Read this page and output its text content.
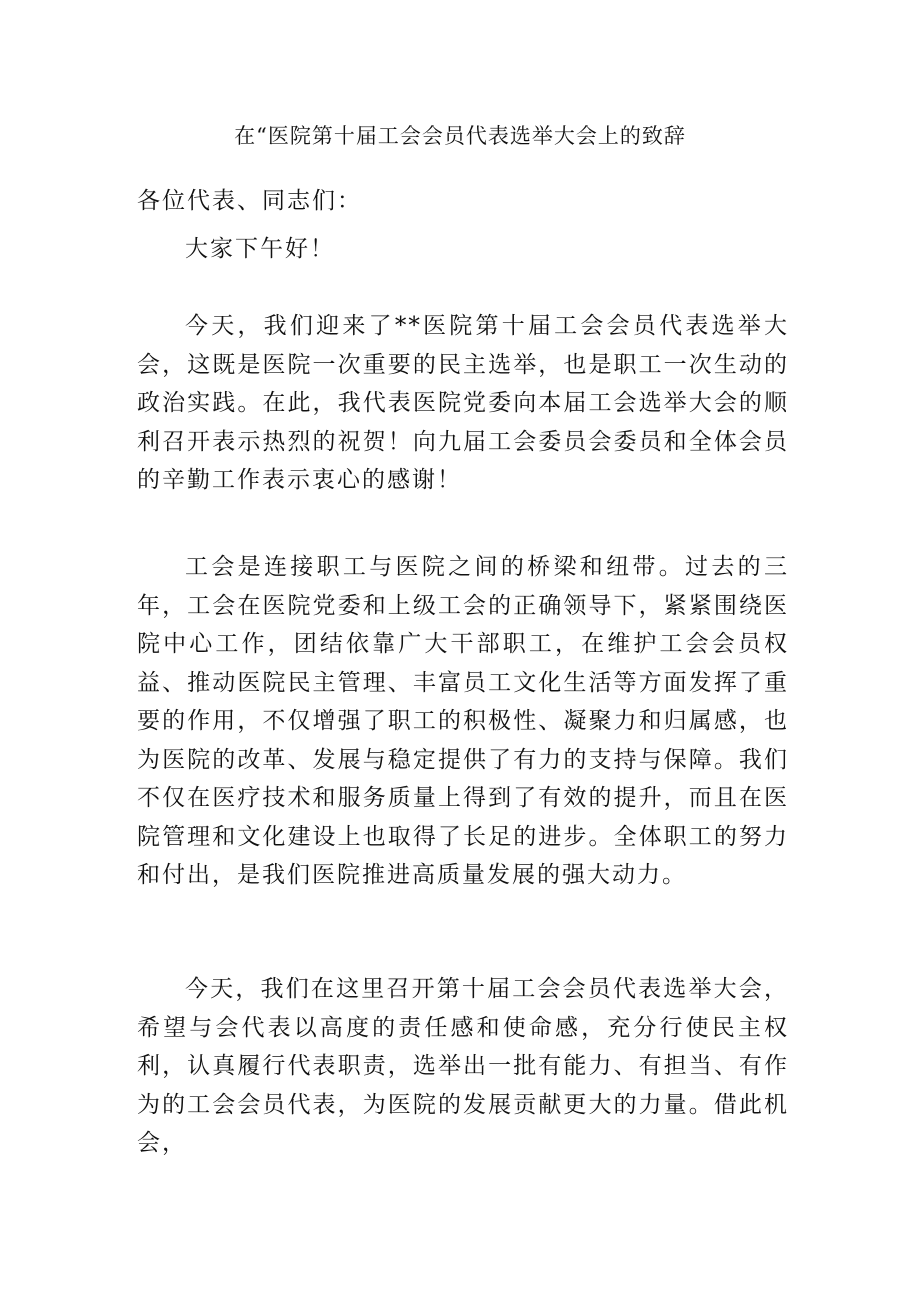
在“医院第十届工会会员代表选举大会上的致辞
各位代表、同志们：

大家下午好！

今天，我们迎来了**医院第十届工会会员代表选举大会，这既是医院一次重要的民主选举，也是职工一次生动的政治实践。在此，我代表医院党委向本届工会选举大会的顺利召开表示热烈的祝贺！向九届工会委员会委员和全体会员的辛勤工作表示衷心的感谢！

工会是连接职工与医院之间的桥梁和纽带。过去的三年，工会在医院党委和上级工会的正确领导下，紧紧围绕医院中心工作，团结依靠广大干部职工，在维护工会会员权益、推动医院民主管理、丰富员工文化生活等方面发挥了重要的作用，不仅增强了职工的积极性、凝聚力和归属感，也为医院的改革、发展与稳定提供了有力的支持与保障。我们不仅在医疗技术和服务质量上得到了有效的提升，而且在医院管理和文化建设上也取得了长足的进步。全体职工的努力和付出，是我们医院推进高质量发展的强大动力。

今天，我们在这里召开第十届工会会员代表选举大会，希望与会代表以高度的责任感和使命感，充分行使民主权利，认真履行代表职责，选举出一批有能力、有担当、有作为的工会会员代表，为医院的发展贡献更大的力量。借此机会，
